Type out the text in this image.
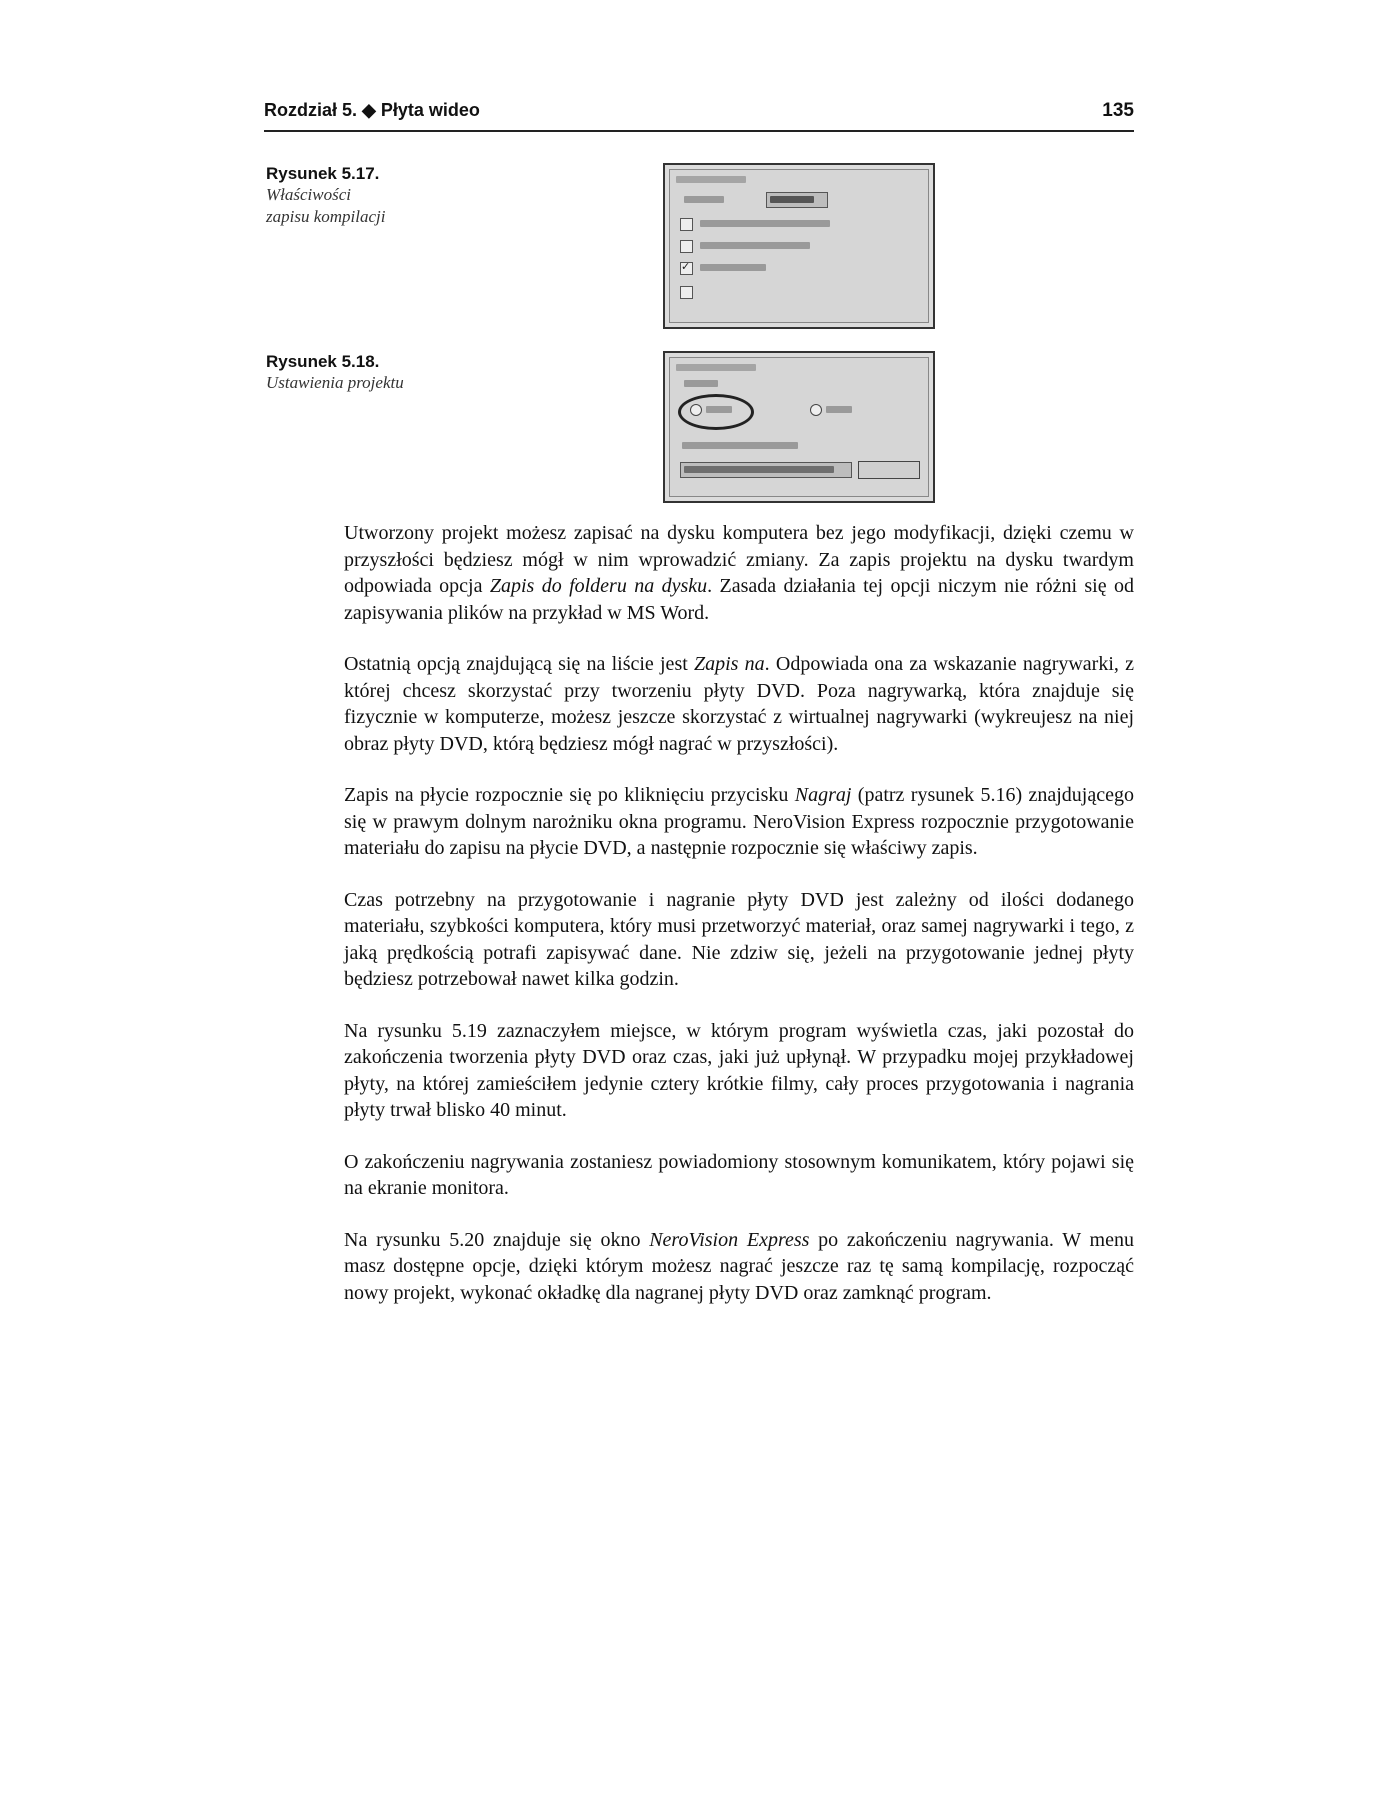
Rozdział 5. ◆ Płyta wideo	135
Rysunek 5.17.
Właściwości
zapisu kompilacji
✓
Rysunek 5.18.
Ustawienia projektu

Utworzony projekt możesz zapisać na dysku komputera bez jego modyfikacji, dzięki czemu w przyszłości będziesz mógł w nim wprowadzić zmiany. Za zapis projektu na dysku twardym odpowiada opcja Zapis do folderu na dysku. Zasada działania tej opcji niczym nie różni się od zapisywania plików na przykład w MS Word.

Ostatnią opcją znajdującą się na liście jest Zapis na. Odpowiada ona za wskazanie nagrywarki, z której chcesz skorzystać przy tworzeniu płyty DVD. Poza nagrywarką, która znajduje się fizycznie w komputerze, możesz jeszcze skorzystać z wirtualnej nagrywarki (wykreujesz na niej obraz płyty DVD, którą będziesz mógł nagrać w przyszłości).

Zapis na płycie rozpocznie się po kliknięciu przycisku Nagraj (patrz rysunek 5.16) znajdującego się w prawym dolnym narożniku okna programu. NeroVision Express rozpocznie przygotowanie materiału do zapisu na płycie DVD, a następnie rozpocznie się właściwy zapis.

Czas potrzebny na przygotowanie i nagranie płyty DVD jest zależny od ilości dodanego materiału, szybkości komputera, który musi przetworzyć materiał, oraz samej nagrywarki i tego, z jaką prędkością potrafi zapisywać dane. Nie zdziw się, jeżeli na przygotowanie jednej płyty będziesz potrzebował nawet kilka godzin.

Na rysunku 5.19 zaznaczyłem miejsce, w którym program wyświetla czas, jaki pozostał do zakończenia tworzenia płyty DVD oraz czas, jaki już upłynął. W przypadku mojej przykładowej płyty, na której zamieściłem jedynie cztery krótkie filmy, cały proces przygotowania i nagrania płyty trwał blisko 40 minut.

O zakończeniu nagrywania zostaniesz powiadomiony stosownym komunikatem, który pojawi się na ekranie monitora.

Na rysunku 5.20 znajduje się okno NeroVision Express po zakończeniu nagrywania. W menu masz dostępne opcje, dzięki którym możesz nagrać jeszcze raz tę samą kompilację, rozpocząć nowy projekt, wykonać okładkę dla nagranej płyty DVD oraz zamknąć program.
